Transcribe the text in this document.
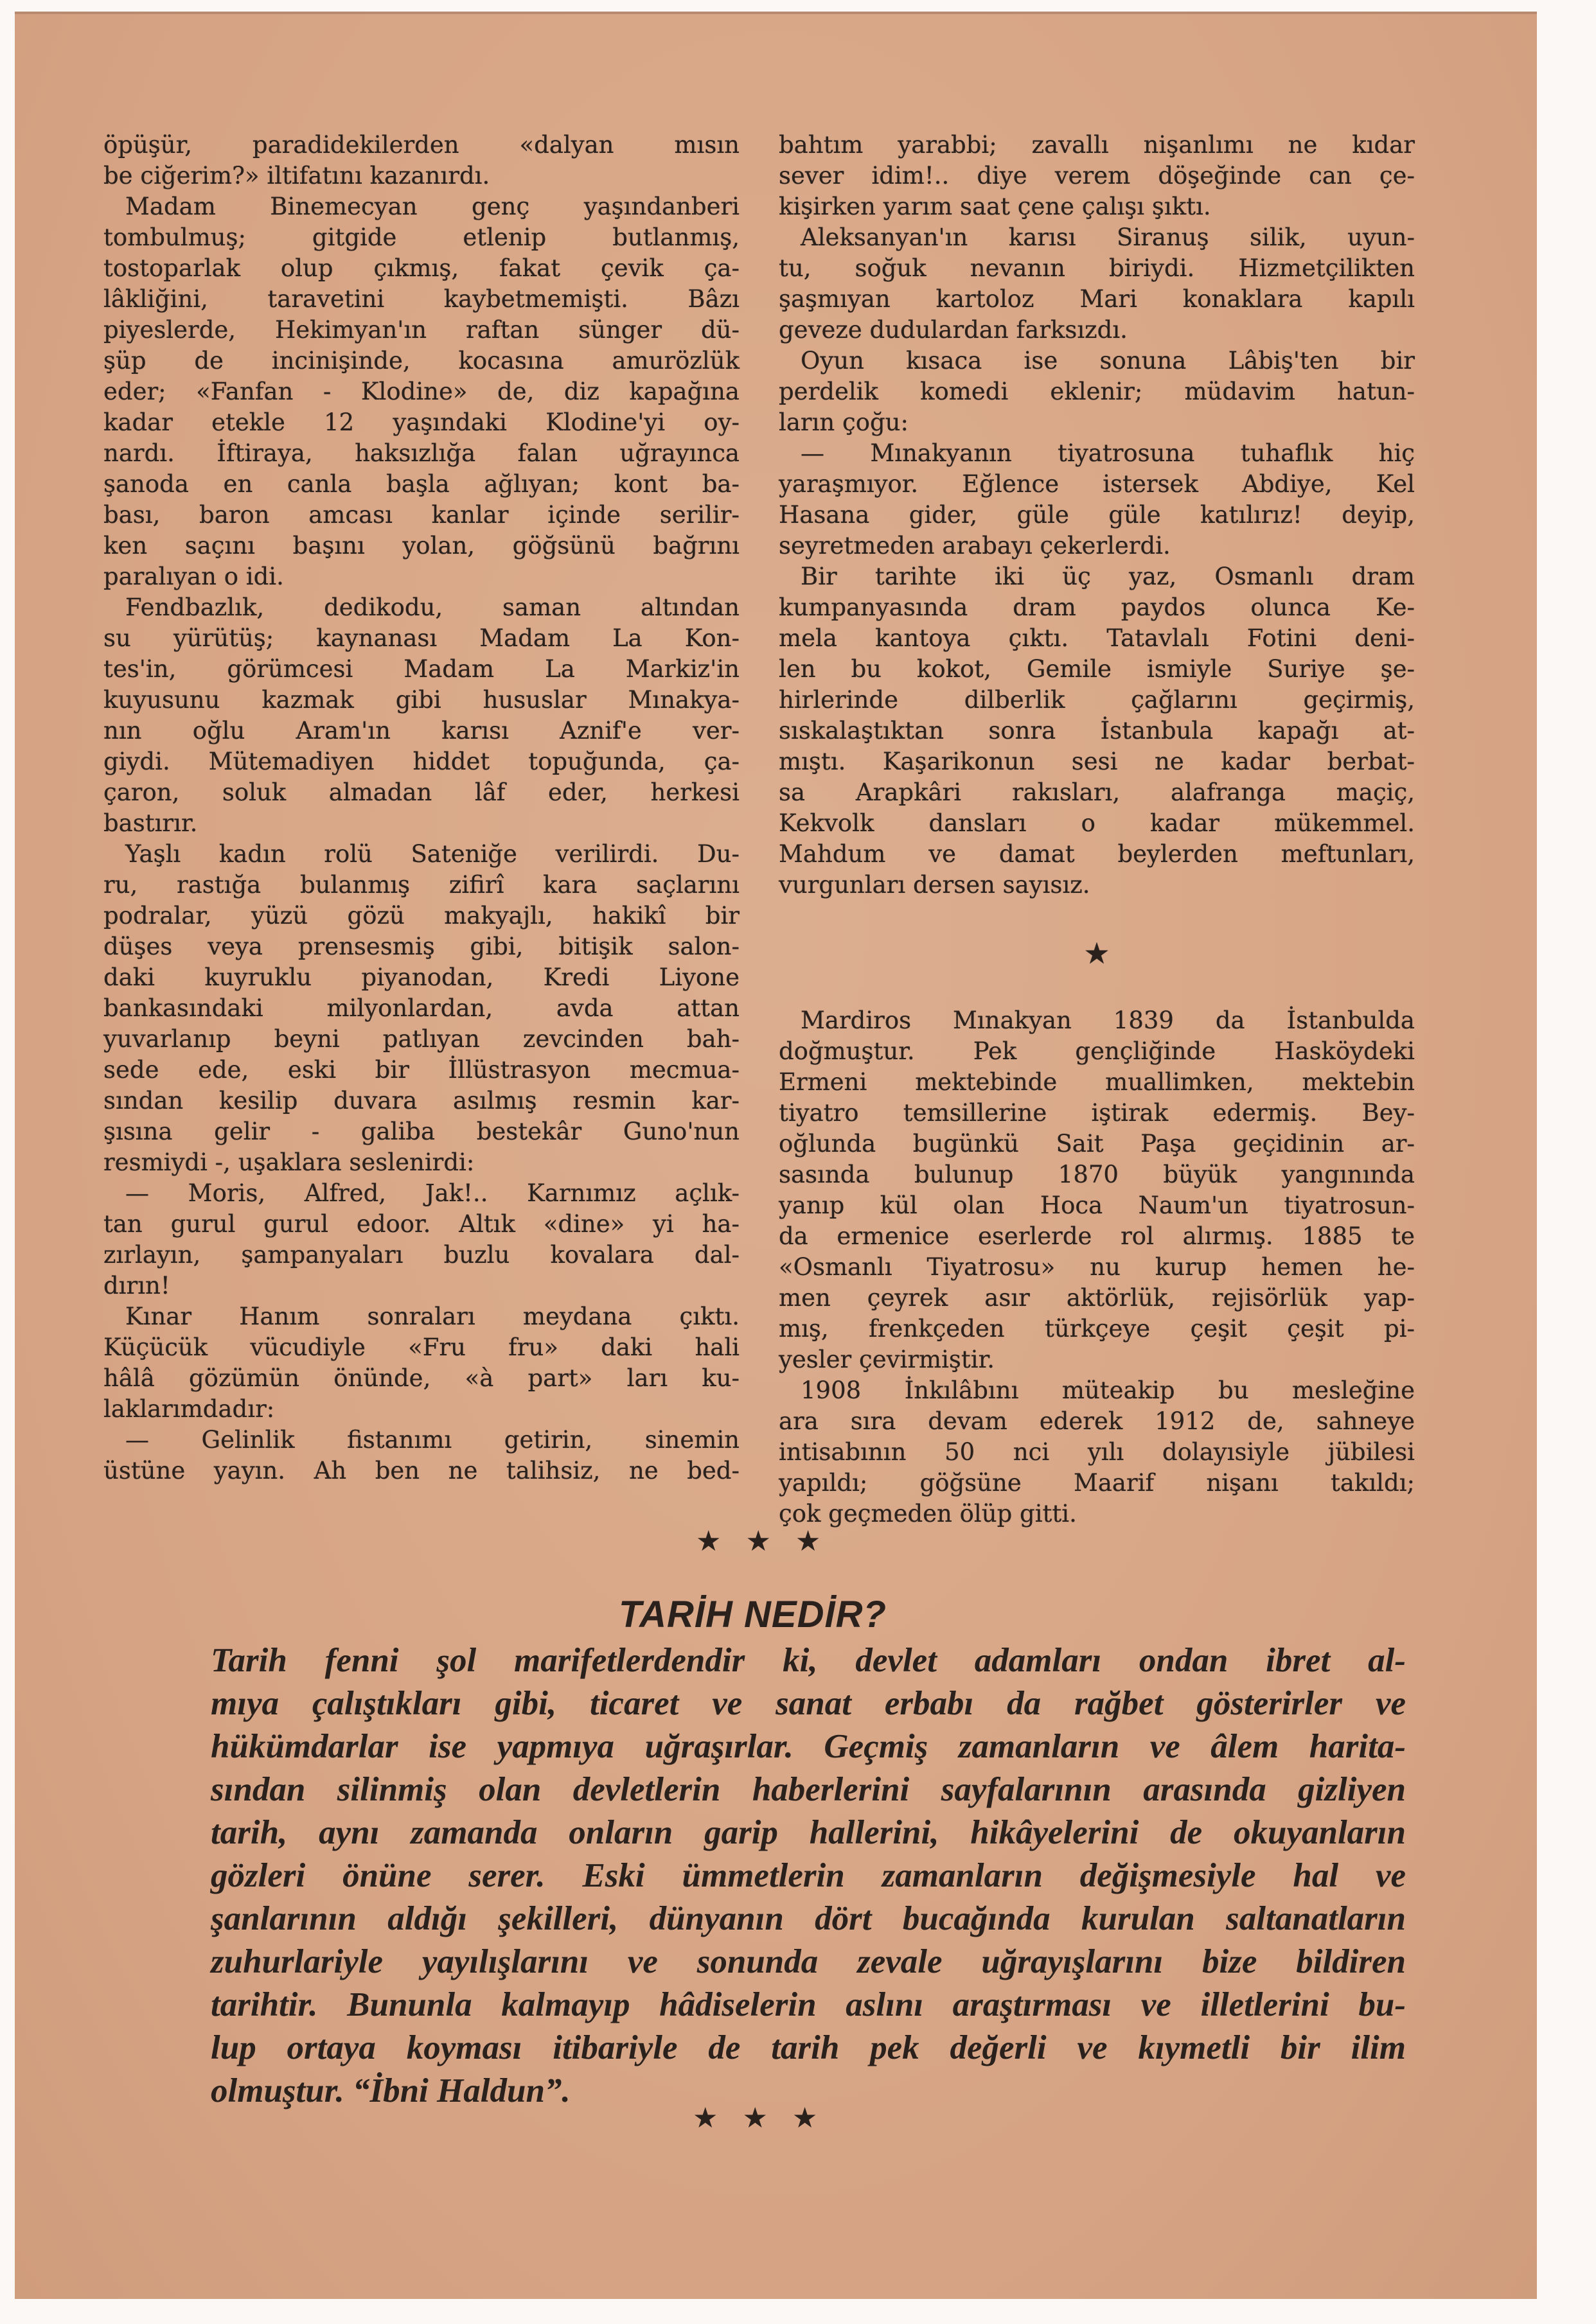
öpüşür, paradidekilerden «dalyan mısın
be ciğerim?» iltifatını kazanırdı.
Madam Binemecyan genç yaşındanberi
tombulmuş; gitgide etlenip butlanmış,
tostoparlak olup çıkmış, fakat çevik ça-
lâkliğini, taravetini kaybetmemişti. Bâzı
piyeslerde, Hekimyan'ın raftan sünger dü-
şüp de incinişinde, kocasına amurözlük
eder; «Fanfan - Klodine» de, diz kapağına
kadar etekle 12 yaşındaki Klodine'yi oy-
nardı. İftiraya, haksızlığa falan uğrayınca
şanoda en canla başla ağlıyan; kont ba-
bası, baron amcası kanlar içinde serilir-
ken saçını başını yolan, göğsünü bağrını
paralıyan o idi.
Fendbazlık, dedikodu, saman altından
su yürütüş; kaynanası Madam La Kon-
tes'in, görümcesi Madam La Markiz'in
kuyusunu kazmak gibi hususlar Mınakya-
nın oğlu Aram'ın karısı Aznif'e ver-
giydi. Mütemadiyen hiddet topuğunda, ça-
çaron, soluk almadan lâf eder, herkesi
bastırır.
Yaşlı kadın rolü Sateniğe verilirdi. Du-
ru, rastığa bulanmış zifirî kara saçlarını
podralar, yüzü gözü makyajlı, hakikî bir
düşes veya prensesmiş gibi, bitişik salon-
daki kuyruklu piyanodan, Kredi Liyone
bankasındaki milyonlardan, avda attan
yuvarlanıp beyni patlıyan zevcinden bah-
sede ede, eski bir İllüstrasyon mecmua-
sından kesilip duvara asılmış resmin kar-
şısına gelir - galiba bestekâr Guno'nun
resmiydi -, uşaklara seslenirdi:
— Moris, Alfred, Jak!.. Karnımız açlık-
tan gurul gurul edoor. Altık «dine» yi ha-
zırlayın, şampanyaları buzlu kovalara dal-
dırın!
Kınar Hanım sonraları meydana çıktı.
Küçücük vücudiyle «Fru fru» daki hali
hâlâ gözümün önünde, «à part» ları ku-
laklarımdadır:
— Gelinlik fistanımı getirin, sinemin
üstüne yayın. Ah ben ne talihsiz, ne bed-
bahtım yarabbi; zavallı nişanlımı ne kıdar
sever idim!.. diye verem döşeğinde can çe-
kişirken yarım saat çene çalışı şıktı.
Aleksanyan'ın karısı Siranuş silik, uyun-
tu, soğuk nevanın biriydi. Hizmetçilikten
şaşmıyan kartoloz Mari konaklara kapılı
geveze dudulardan farksızdı.
Oyun kısaca ise sonuna Lâbiş'ten bir
perdelik komedi eklenir; müdavim hatun-
ların çoğu:
— Mınakyanın tiyatrosuna tuhaflık hiç
yaraşmıyor. Eğlence istersek Abdiye, Kel
Hasana gider, güle güle katılırız! deyip,
seyretmeden arabayı çekerlerdi.
Bir tarihte iki üç yaz, Osmanlı dram
kumpanyasında dram paydos olunca Ke-
mela kantoya çıktı. Tatavlalı Fotini deni-
len bu kokot, Gemile ismiyle Suriye şe-
hirlerinde dilberlik çağlarını geçirmiş,
sıskalaştıktan sonra İstanbula kapağı at-
mıştı. Kaşarikonun sesi ne kadar berbat-
sa Arapkâri rakısları, alafranga maçiç,
Kekvolk dansları o kadar mükemmel.
Mahdum ve damat beylerden meftunları,
vurgunları dersen sayısız.
★
Mardiros Mınakyan 1839 da İstanbulda
doğmuştur. Pek gençliğinde Hasköydeki
Ermeni mektebinde muallimken, mektebin
tiyatro temsillerine iştirak edermiş. Bey-
oğlunda bugünkü Sait Paşa geçidinin ar-
sasında bulunup 1870 büyük yangınında
yanıp kül olan Hoca Naum'un tiyatrosun-
da ermenice eserlerde rol alırmış. 1885 te
«Osmanlı Tiyatrosu» nu kurup hemen he-
men çeyrek asır aktörlük, rejisörlük yap-
mış, frenkçeden türkçeye çeşit çeşit pi-
yesler çevirmiştir.
1908 İnkılâbını müteakip bu mesleğine
ara sıra devam ederek 1912 de, sahneye
intisabının 50 nci yılı dolayısiyle jübilesi
yapıldı; göğsüne Maarif nişanı takıldı;
çok geçmeden ölüp gitti.
★★★
TARİH NEDİR?
Tarih fenni şol marifetlerdendir ki, devlet adamları ondan ibret al-
mıya çalıştıkları gibi, ticaret ve sanat erbabı da rağbet gösterirler ve
hükümdarlar ise yapmıya uğraşırlar. Geçmiş zamanların ve âlem harita-
sından silinmiş olan devletlerin haberlerini sayfalarının arasında gizliyen
tarih, aynı zamanda onların garip hallerini, hikâyelerini de okuyanların
gözleri önüne serer. Eski ümmetlerin zamanların değişmesiyle hal ve
şanlarının aldığı şekilleri, dünyanın dört bucağında kurulan saltanatların
zuhurlariyle yayılışlarını ve sonunda zevale uğrayışlarını bize bildiren
tarihtir. Bununla kalmayıp hâdiselerin aslını araştırması ve illetlerini bu-
lup ortaya koyması itibariyle de tarih pek değerli ve kıymetli bir ilim
olmuştur. “İbni Haldun”.
★★★
